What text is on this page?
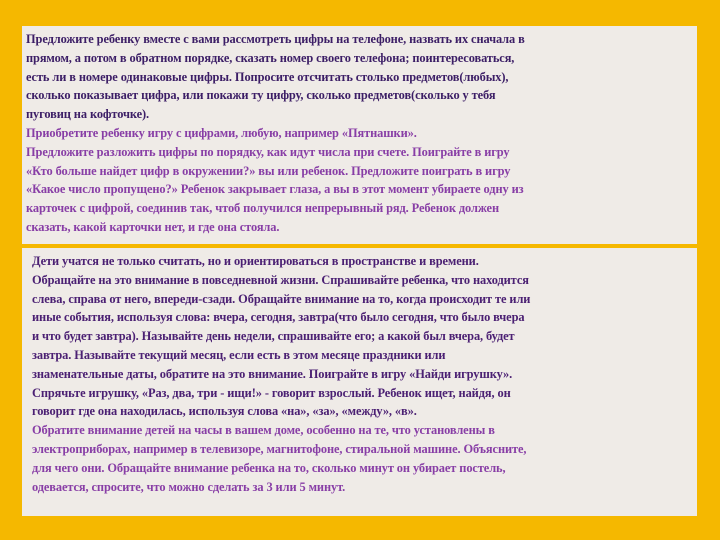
Предложите ребенку вместе с вами рассмотреть цифры на телефоне, назвать их сначала в
прямом, а потом в обратном порядке, сказать номер своего телефона; поинтересоваться,
есть ли в номере одинаковые цифры. Попросите отсчитать столько предметов(любых),
сколько показывает цифра, или покажи ту цифру, сколько предметов(сколько у тебя
пуговиц на кофточке).
Приобретите ребенку игру с цифрами, любую, например «Пятнашки».
Предложите разложить цифры по порядку, как идут числа при счете. Поиграйте в игру
«Кто больше найдет цифр в окружении?» вы или ребенок. Предложите поиграть в игру
«Какое число пропущено?» Ребенок закрывает глаза, а вы в этот момент убираете одну из
карточек с цифрой, соединив так, чтоб получился непрерывный ряд. Ребенок должен
сказать, какой карточки нет, и где она стояла.
Дети учатся не только считать, но и ориентироваться в пространстве и времени.
Обращайте на это внимание в повседневной жизни. Спрашивайте ребенка, что находится
слева, справа от него, впереди-сзади. Обращайте внимание на то, когда происходит те или
иные события, используя слова: вчера, сегодня, завтра(что было сегодня, что было вчера
и что будет завтра). Называйте день недели, спрашивайте его; а какой был вчера, будет
завтра. Называйте текущий месяц, если есть в этом месяце праздники или
знаменательные даты, обратите на это внимание. Поиграйте в игру «Найди игрушку».
Спрячьте игрушку, «Раз, два, три - ищи!» - говорит взрослый. Ребенок ищет, найдя, он
говорит где она находилась, используя слова «на», «за», «между», «в».
Обратите внимание детей на часы в вашем доме, особенно на те, что установлены в
электроприборах, например в телевизоре, магнитофоне, стиральной машине. Объясните,
для чего они. Обращайте внимание ребенка на то, сколько минут он убирает постель,
одевается, спросите, что можно сделать за 3 или 5 минут.
